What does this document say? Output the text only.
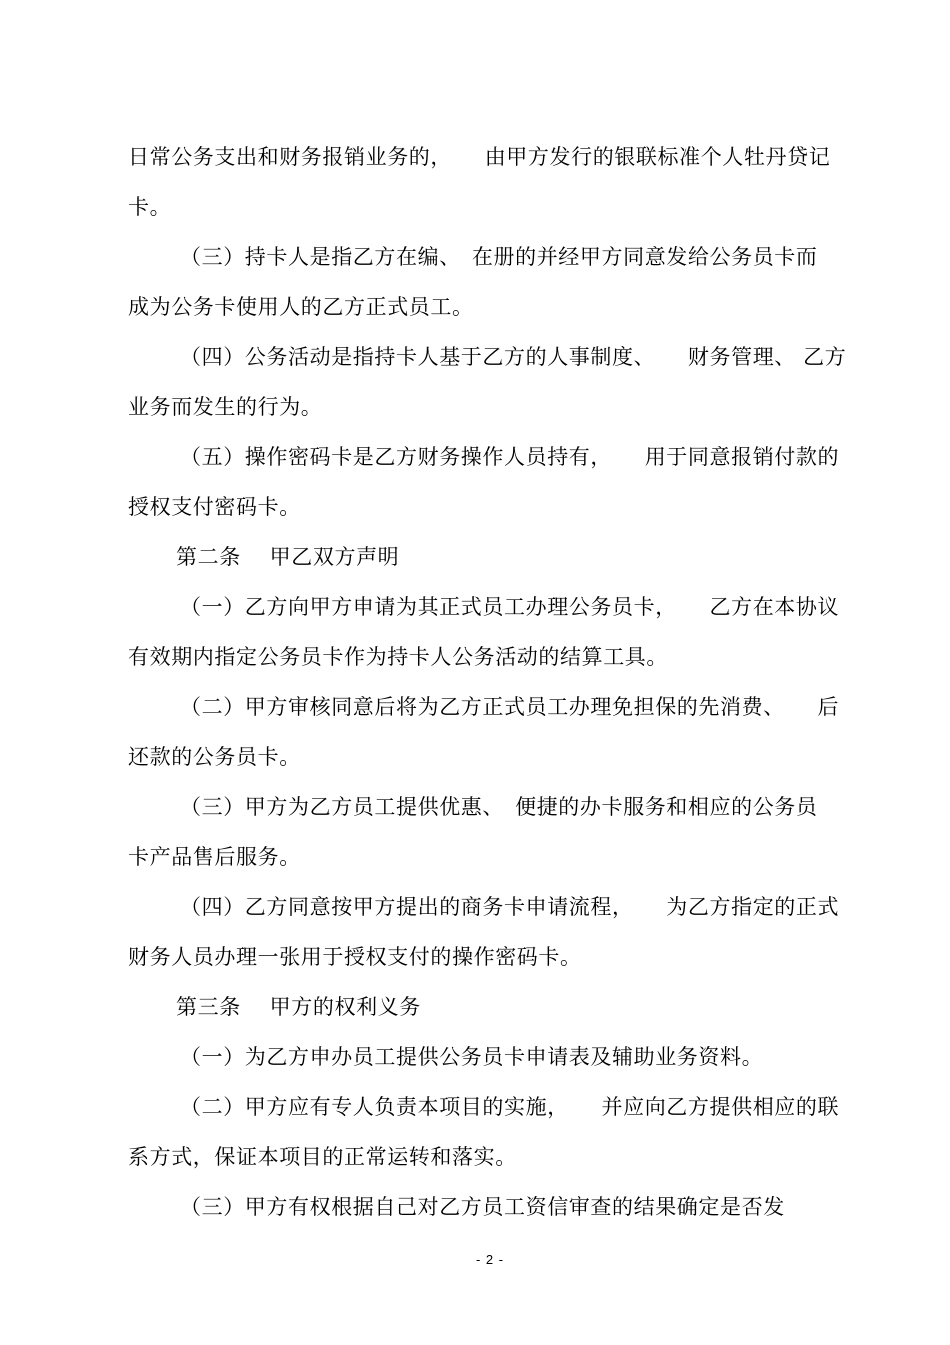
日常公务支出和财务报销业务的，　　由甲方发行的银联标准个人牡丹贷记
卡。
（三）持卡人是指乙方在编、　在册的并经甲方同意发给公务员卡而
成为公务卡使用人的乙方正式员工。
（四）公务活动是指持卡人基于乙方的人事制度、　　财务管理、 乙方
业务而发生的行为。
（五）操作密码卡是乙方财务操作人员持有，　　用于同意报销付款的
授权支付密码卡。
第二条　 甲乙双方声明
（一）乙方向甲方申请为其正式员工办理公务员卡，　　乙方在本协议
有效期内指定公务员卡作为持卡人公务活动的结算工具。
（二）甲方审核同意后将为乙方正式员工办理免担保的先消费、　　后
还款的公务员卡。
（三）甲方为乙方员工提供优惠、　便捷的办卡服务和相应的公务员
卡产品售后服务。
（四）乙方同意按甲方提出的商务卡申请流程，　　为乙方指定的正式
财务人员办理一张用于授权支付的操作密码卡。
第三条　 甲方的权利义务
（一）为乙方申办员工提供公务员卡申请表及辅助业务资料。
（二）甲方应有专人负责本项目的实施，　　并应向乙方提供相应的联
系方式，保证本项目的正常运转和落实。
（三）甲方有权根据自己对乙方员工资信审查的结果确定是否发
- 2 -
